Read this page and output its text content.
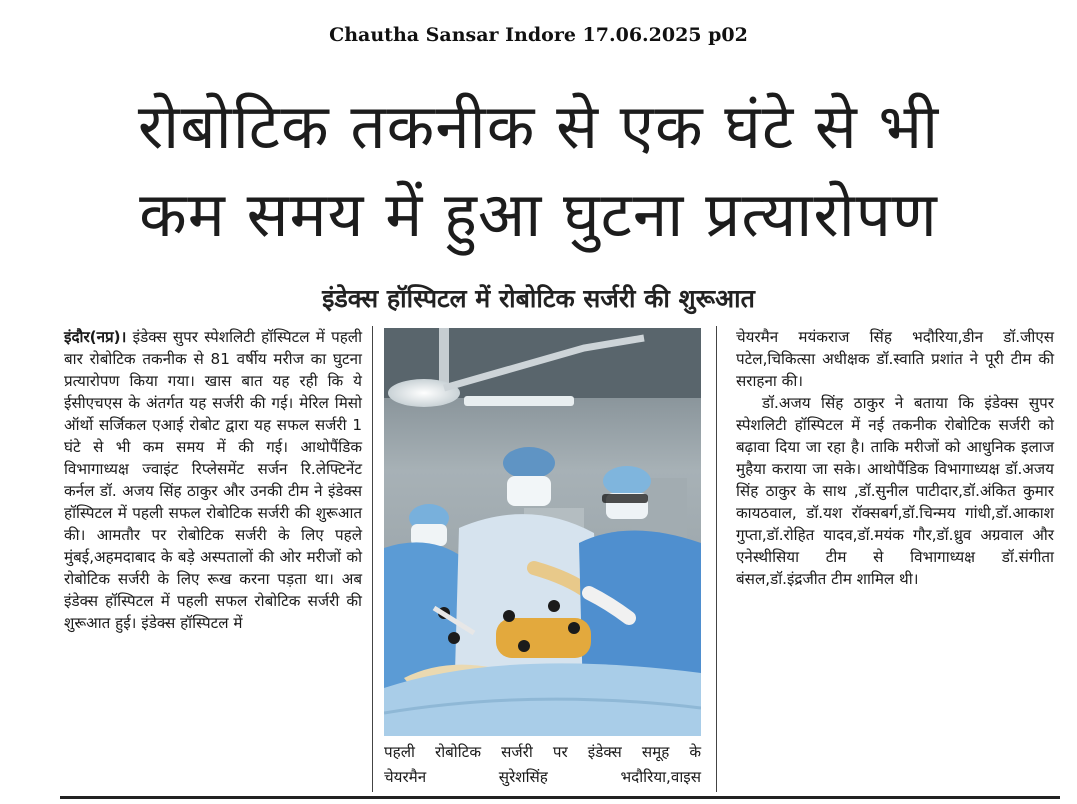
Chautha Sansar Indore 17.06.2025 p02
रोबोटिक तकनीक से एक घंटे से भी
कम समय में हुआ घुटना प्रत्यारोपण
इंडेक्स हॉस्पिटल में रोबोटिक सर्जरी की शुरूआत

इंदौर(नप्र)। इंडेक्स सुपर स्पेशलिटी हॉस्पिटल में पहली बार रोबोटिक तकनीक से 81 वर्षीय मरीज का घुटना प्रत्यारोपण किया गया। खास बात यह रही कि ये ईसीएचएस के अंतर्गत यह सर्जरी की गई। मेरिल मिसो ऑर्थो सर्जिकल एआई रोबोट द्वारा यह सफल सर्जरी 1 घंटे से भी कम समय में की गई। आथोपैंडिक विभागाध्यक्ष ज्वाइंट रिप्लेसमेंट सर्जन रि.लेफ्टिनेंट कर्नल डॉ. अजय सिंह ठाकुर और उनकी टीम ने इंडेक्स हॉस्पिटल में पहली सफल रोबोटिक सर्जरी की शुरूआत की। आमतौर पर रोबोटिक सर्जरी के लिए पहले मुंबई,अहमदाबाद के बड़े अस्पतालों की ओर मरीजों को रोबोटिक सर्जरी के लिए रूख करना पड़ता था। अब इंडेक्स हॉस्पिटल में पहली सफल रोबोटिक सर्जरी की शुरूआत हुई। इंडेक्स हॉस्पिटल में

पहली रोबोटिक सर्जरी पर इंडेक्स समूह के
चेयरमैन सुरेशसिंह भदौरिया,वाइस

चेयरमैन मयंकराज सिंह भदौरिया,डीन डॉ.जीएस पटेल,चिकित्सा अधीक्षक डॉ.स्वाति प्रशांत ने पूरी टीम की सराहना की।

डॉ.अजय सिंह ठाकुर ने बताया कि इंडेक्स सुपर स्पेशलिटी हॉस्पिटल में नई तकनीक रोबोटिक सर्जरी को बढ़ावा दिया जा रहा है। ताकि मरीजों को आधुनिक इलाज मुहैया कराया जा सके। आथोपैंडिक विभागाध्यक्ष डॉ.अजय सिंह ठाकुर के साथ ,डॉ.सुनील पाटीदार,डॉ.अंकित कुमार कायठवाल, डॉ.यश रॉक्सबर्ग,डॉ.चिन्मय गांधी,डॉ.आकाश गुप्ता,डॉ.रोहित यादव,डॉ.मयंक गौर,डॉ.ध्रुव अग्रवाल और एनेस्थीसिया टीम से विभागाध्यक्ष डॉ.संगीता बंसल,डॉ.इंद्रजीत टीम शामिल थी।
